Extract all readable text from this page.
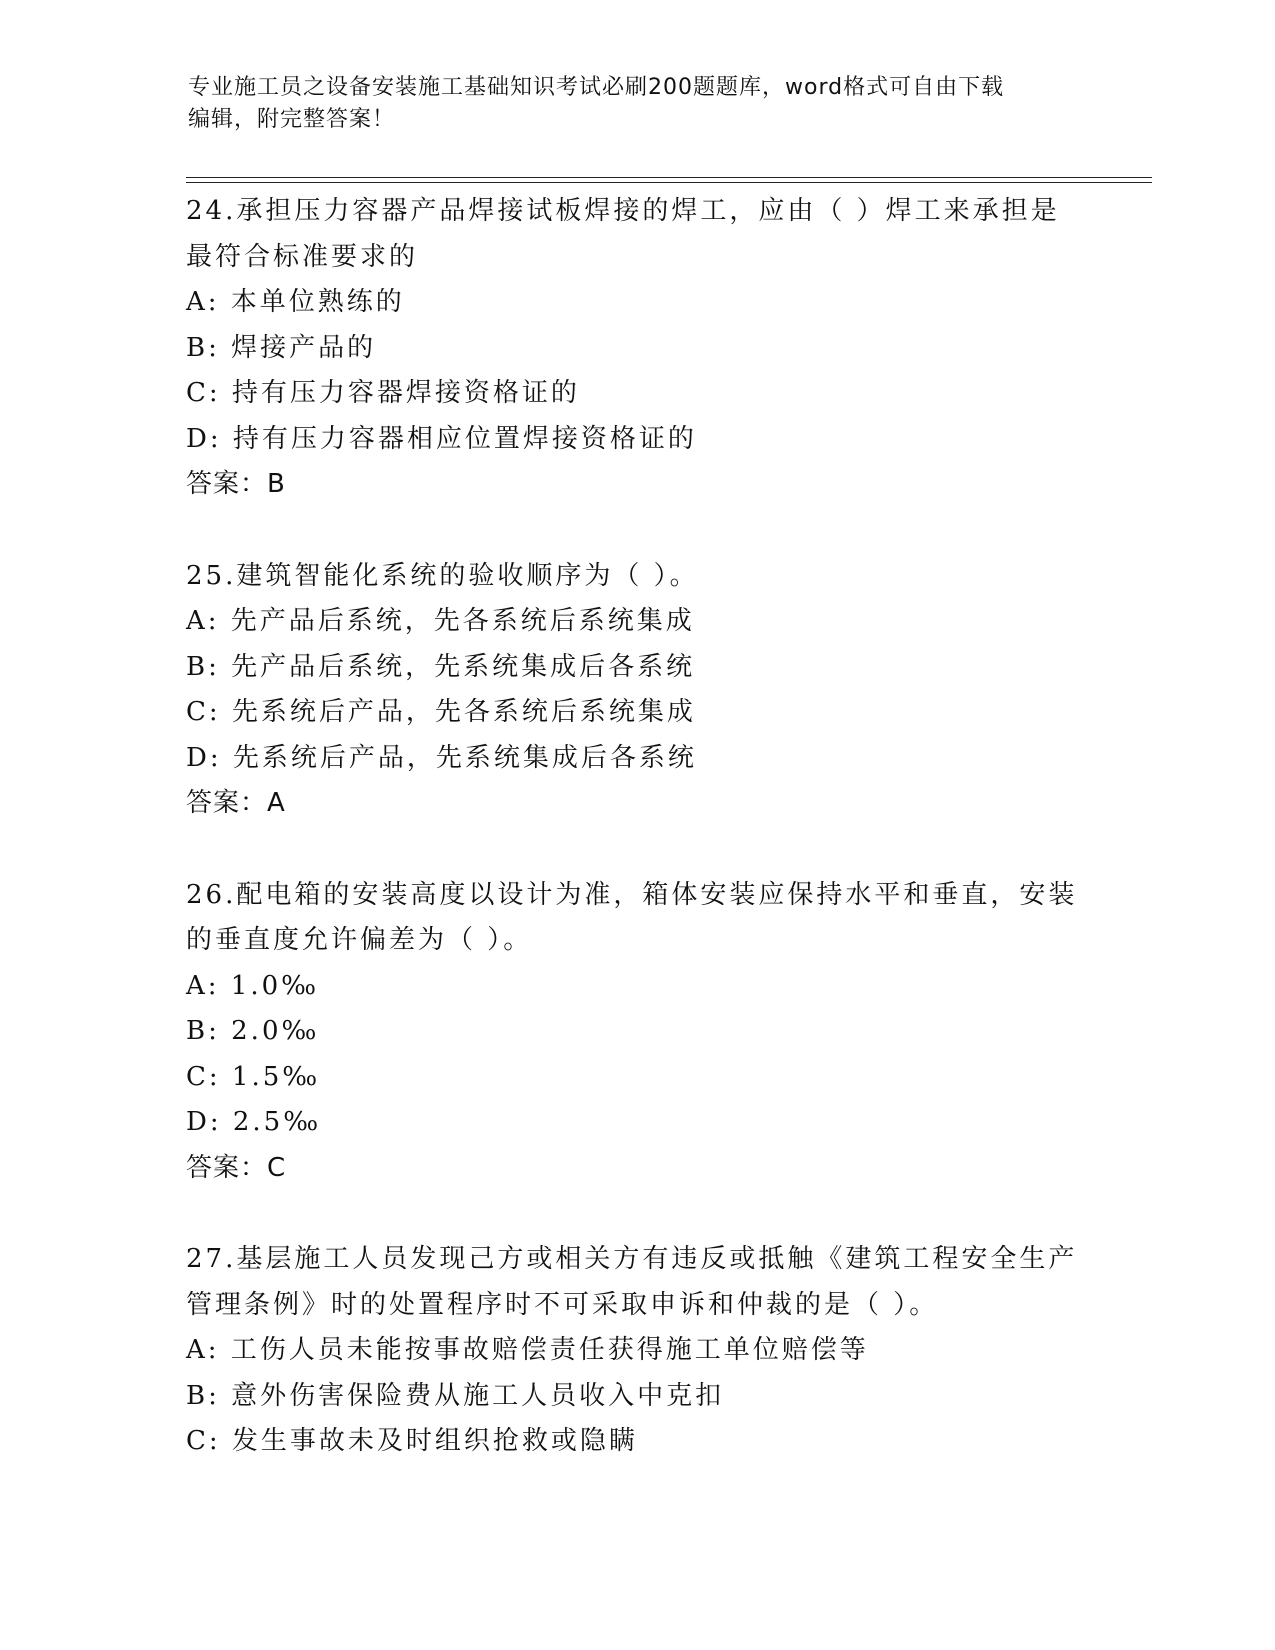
专业施工员之设备安装施工基础知识考试必刷200题题库，word格式可自由下载
编辑，附完整答案！
24.承担压力容器产品焊接试板焊接的焊工，应由（ ）焊工来承担是
最符合标准要求的
A: 本单位熟练的
B: 焊接产品的
C: 持有压力容器焊接资格证的
D: 持有压力容器相应位置焊接资格证的
答案：B
25.建筑智能化系统的验收顺序为（ ）。
A: 先产品后系统，先各系统后系统集成
B: 先产品后系统，先系统集成后各系统
C: 先系统后产品，先各系统后系统集成
D: 先系统后产品，先系统集成后各系统
答案：A
26.配电箱的安装高度以设计为准，箱体安装应保持水平和垂直，安装
的垂直度允许偏差为（ ）。
A: 1.0‰
B: 2.0‰
C: 1.5‰
D: 2.5‰
答案：C
27.基层施工人员发现己方或相关方有违反或抵触《建筑工程安全生产
管理条例》时的处置程序时不可采取申诉和仲裁的是（ ）。
A: 工伤人员未能按事故赔偿责任获得施工单位赔偿等
B: 意外伤害保险费从施工人员收入中克扣
C: 发生事故未及时组织抢救或隐瞒
